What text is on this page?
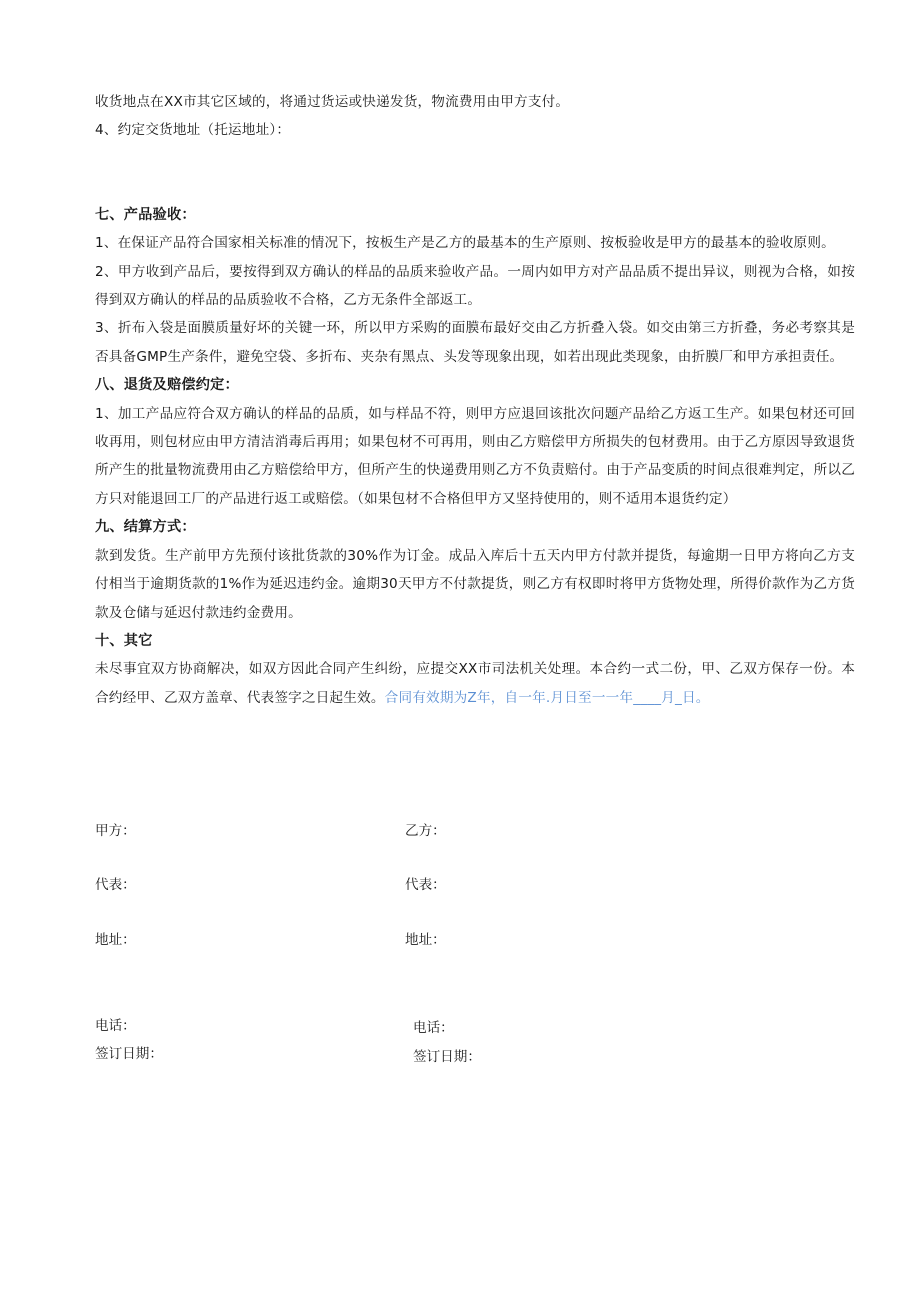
收货地点在XX市其它区域的，将通过货运或快递发货，物流费用由甲方支付。

4、约定交货地址（托运地址）：

七、产品验收：

1、在保证产品符合国家相关标准的情况下，按板生产是乙方的最基本的生产原则、按板验收是甲方的最基本的验收原则。

2、甲方收到产品后，要按得到双方确认的样品的品质来验收产品。一周内如甲方对产品品质不提出异议，则视为合格，如按得到双方确认的样品的品质验收不合格，乙方无条件全部返工。

3、折布入袋是面膜质量好坏的关键一环，所以甲方采购的面膜布最好交由乙方折叠入袋。如交由第三方折叠，务必考察其是否具备GMP生产条件，避免空袋、多折布、夹杂有黑点、头发等现象出现，如若出现此类现象，由折膜厂和甲方承担责任。

八、退货及赔偿约定：

1、加工产品应符合双方确认的样品的品质，如与样品不符，则甲方应退回该批次问题产品给乙方返工生产。如果包材还可回收再用，则包材应由甲方清洁消毒后再用；如果包材不可再用，则由乙方赔偿甲方所损失的包材费用。由于乙方原因导致退货所产生的批量物流费用由乙方赔偿给甲方，但所产生的快递费用则乙方不负责赔付。由于产品变质的时间点很难判定，所以乙方只对能退回工厂的产品进行返工或赔偿。（如果包材不合格但甲方又坚持使用的，则不适用本退货约定）

九、结算方式：

款到发货。生产前甲方先预付该批货款的30%作为订金。成品入库后十五天内甲方付款并提货，每逾期一日甲方将向乙方支付相当于逾期货款的1%作为延迟违约金。逾期30天甲方不付款提货，则乙方有权即时将甲方货物处理，所得价款作为乙方货款及仓储与延迟付款违约金费用。

十、其它

未尽事宜双方协商解决，如双方因此合同产生纠纷，应提交XX市司法机关处理。本合约一式二份，甲、乙双方保存一份。本合约经甲、乙双方盖章、代表签字之日起生效。合同有效期为Z年，自一年.月日至一一年____月_日。

甲方：	乙方：
代表：	代表：
地址：	地址：
电话：	电话：
签订日期：	签订日期：
